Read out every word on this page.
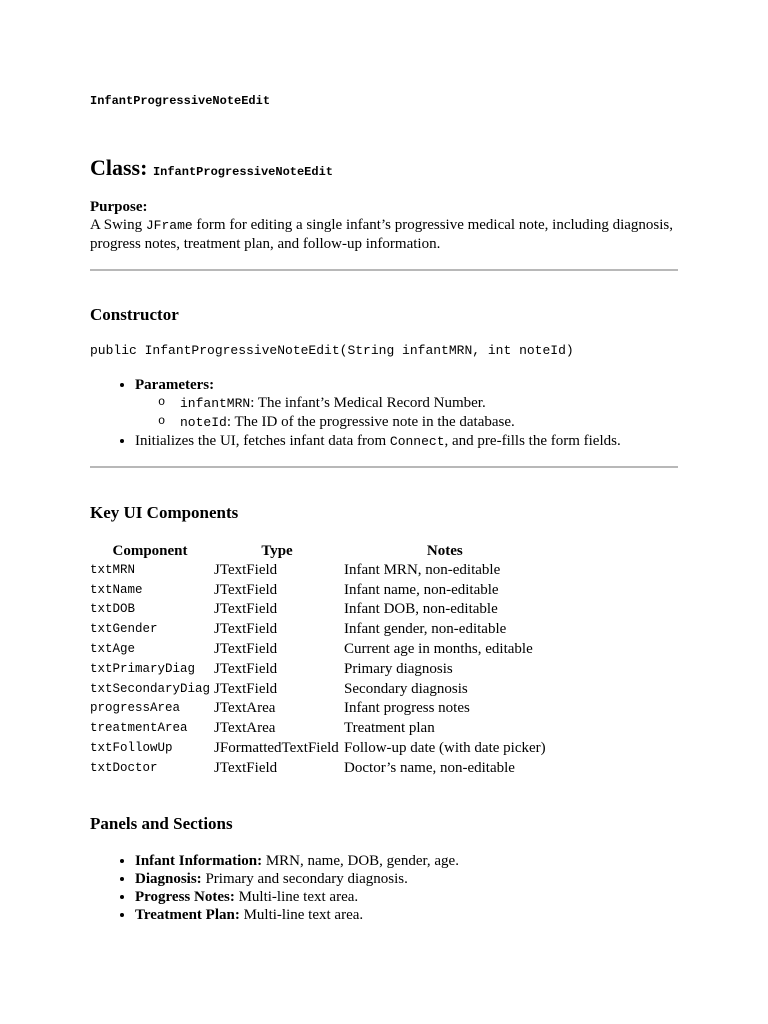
InfantProgressiveNoteEdit
Class: InfantProgressiveNoteEdit
Purpose:
A Swing JFrame form for editing a single infant’s progressive medical note, including diagnosis, progress notes, treatment plan, and follow-up information.
Constructor
public InfantProgressiveNoteEdit(String infantMRN, int noteId)
• Parameters:
o infantMRN: The infant’s Medical Record Number.
o noteId: The ID of the progressive note in the database.
• Initializes the UI, fetches infant data from Connect, and pre-fills the form fields.
Key UI Components
Component	Type	Notes
txtMRN	JTextField	Infant MRN, non-editable
txtName	JTextField	Infant name, non-editable
txtDOB	JTextField	Infant DOB, non-editable
txtGender	JTextField	Infant gender, non-editable
txtAge	JTextField	Current age in months, editable
txtPrimaryDiag	JTextField	Primary diagnosis
txtSecondaryDiag	JTextField	Secondary diagnosis
progressArea	JTextArea	Infant progress notes
treatmentArea	JTextArea	Treatment plan
txtFollowUp	JFormattedTextField	Follow-up date (with date picker)
txtDoctor	JTextField	Doctor’s name, non-editable
Panels and Sections
• Infant Information: MRN, name, DOB, gender, age.
• Diagnosis: Primary and secondary diagnosis.
• Progress Notes: Multi-line text area.
• Treatment Plan: Multi-line text area.
